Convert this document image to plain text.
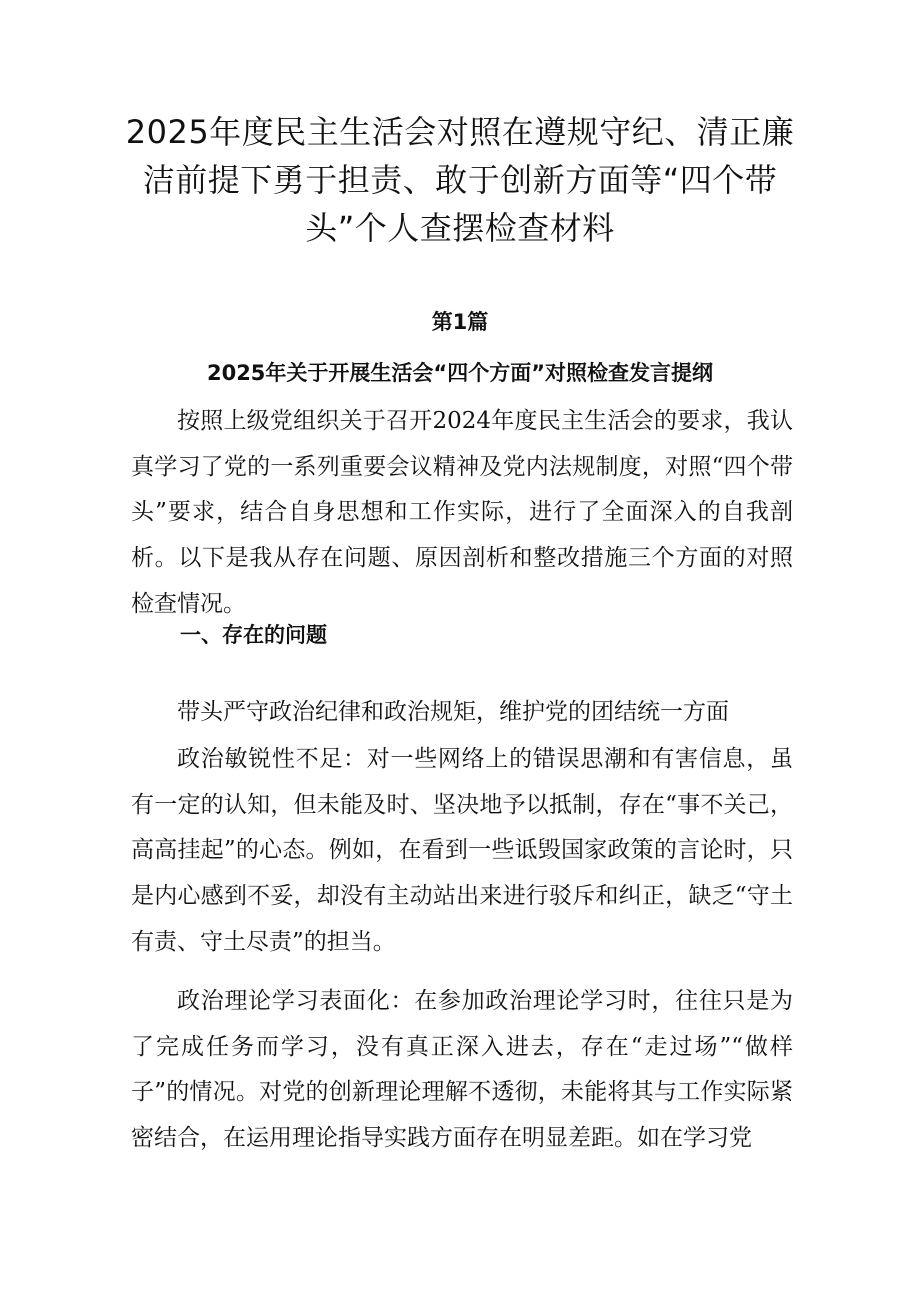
2025年度民主生活会对照在遵规守纪、清正廉洁前提下勇于担责、敢于创新方面等“四个带头”个人查摆检查材料
第1篇
2025年关于开展生活会“四个方面”对照检查发言提纲

按照上级党组织关于召开2024年度民主生活会的要求，我认真学习了党的一系列重要会议精神及党内法规制度，对照“四个带头”要求，结合自身思想和工作实际，进行了全面深入的自我剖析。以下是我从存在问题、原因剖析和整改措施三个方面的对照检查情况。

一、存在的问题

带头严守政治纪律和政治规矩，维护党的团结统一方面

政治敏锐性不足：对一些网络上的错误思潮和有害信息，虽有一定的认知，但未能及时、坚决地予以抵制，存在“事不关己，高高挂起”的心态。例如，在看到一些诋毁国家政策的言论时，只是内心感到不妥，却没有主动站出来进行驳斥和纠正，缺乏“守土有责、守土尽责”的担当。

政治理论学习表面化：在参加政治理论学习时，往往只是为了完成任务而学习，没有真正深入进去，存在“走过场”“做样子”的情况。对党的创新理论理解不透彻，未能将其与工作实际紧密结合，在运用理论指导实践方面存在明显差距。如在学习党
